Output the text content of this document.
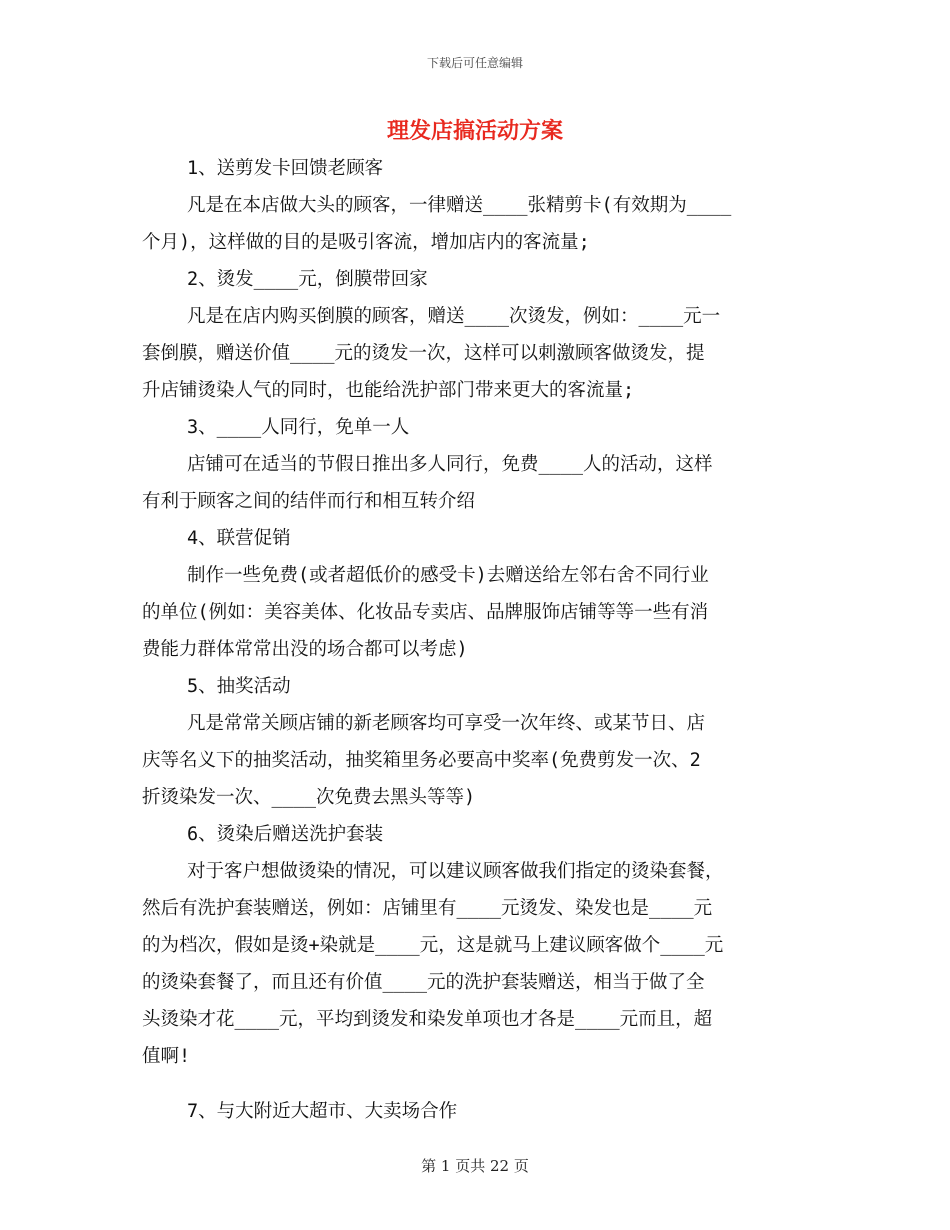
下载后可任意编辑
理发店搞活动方案
1、送剪发卡回馈老顾客
凡是在本店做大头的顾客，一律赠送____张精剪卡(有效期为____
个月)，这样做的目的是吸引客流，增加店内的客流量;
2、烫发____元，倒膜带回家
凡是在店内购买倒膜的顾客，赠送____次烫发，例如：____元一
套倒膜，赠送价值____元的烫发一次，这样可以刺激顾客做烫发，提
升店铺烫染人气的同时，也能给洗护部门带来更大的客流量;
3、____人同行，免单一人
店铺可在适当的节假日推出多人同行，免费____人的活动，这样
有利于顾客之间的结伴而行和相互转介绍
4、联营促销
制作一些免费(或者超低价的感受卡)去赠送给左邻右舍不同行业
的单位(例如：美容美体、化妆品专卖店、品牌服饰店铺等等一些有消
费能力群体常常出没的场合都可以考虑)
5、抽奖活动
凡是常常关顾店铺的新老顾客均可享受一次年终、或某节日、店
庆等名义下的抽奖活动，抽奖箱里务必要高中奖率(免费剪发一次、2
折烫染发一次、____次免费去黑头等等)
6、烫染后赠送洗护套装
对于客户想做烫染的情况，可以建议顾客做我们指定的烫染套餐，
然后有洗护套装赠送，例如：店铺里有____元烫发、染发也是____元
的为档次，假如是烫+染就是____元，这是就马上建议顾客做个____元
的烫染套餐了，而且还有价值____元的洗护套装赠送，相当于做了全
头烫染才花____元，平均到烫发和染发单项也才各是____元而且，超
值啊!
7、与大附近大超市、大卖场合作
第 1 页共 22 页
